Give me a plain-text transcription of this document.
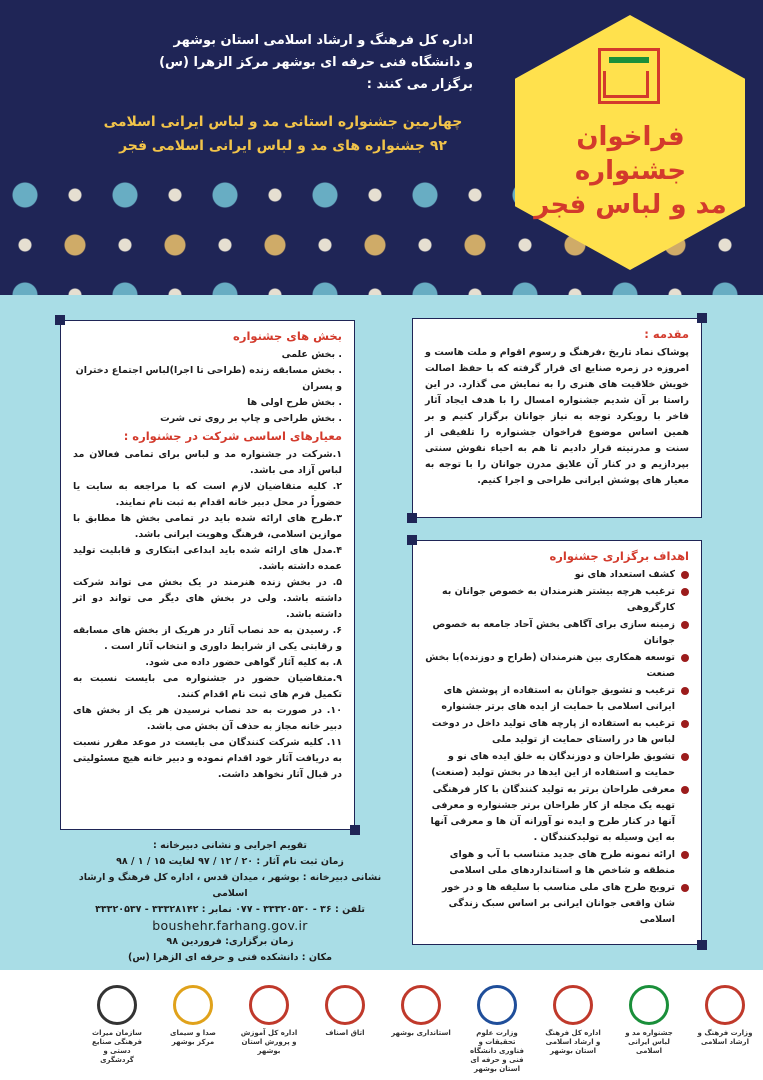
اداره کل فرهنگ و ارشاد اسلامی استان بوشهر
و دانشگاه فنی حرفه ای بوشهر مرکز الزهرا (س)
برگزار می کنند :
چهارمین جشنواره استانی مد و لباس ایرانی اسلامی
۹۲ جشنواره های مد و لباس ایرانی اسلامی فجر	فراخوان جشنواره
مد و لباس فجر
بخش های جشنواره
. بخش علمی
. بخش مسابقه زنده (طراحی تا اجرا)لباس اجتماع دختران و پسران
. بخش طرح اولی ها
. بخش طراحی و چاپ بر روی تی شرت
معیارهای اساسی شرکت در جشنواره :
۱.شرکت در جشنواره مد و لباس برای تمامی فعالان مد لباس آزاد می باشد.
۲. کلیه متقاضیان لازم است که با مراجعه به سایت یا حضوراً در محل دبیر خانه اقدام به ثبت نام نمایند.
۳.طرح های ارائه شده باید در تمامی بخش ها مطابق با موازین اسلامی، فرهنگ وهویت ایرانی باشد.
۴.مدل های ارائه شده باید ابداعی ابتکاری و قابلیت تولید عمده داشته باشد.
۵. در بخش زنده هنرمند در یک بخش می تواند شرکت داشته باشد. ولی در بخش های دیگر می تواند دو اثر داشته باشد.
۶. رسیدن به حد نصاب آثار در هریک از بخش های مسابقه و رقابتی یکی از شرایط داوری و انتخاب آثار است .
۸. به کلیه آثار گواهی حضور داده می شود.
۹.متقاضیان حضور در جشنواره می بایست نسبت به تکمیل فرم های ثبت نام اقدام کنند.
۱۰. در صورت به حد نصاب نرسیدن هر یک از بخش های دبیر خانه مجاز به حذف آن بخش می باشد.
۱۱. کلیه شرکت کنندگان می بایست در موعد مقرر نسبت به دریافت آثار خود اقدام نموده و دبیر خانه هیچ مسئولیتی در قبال آثار نخواهد داشت.
مقدمه :
پوشاک نماد تاریخ ،فرهنگ و رسوم اقوام و ملت هاست و امروزه در زمره صنایع ای قرار گرفته که با حفظ اصالت خویش خلاقیت های هنری را به نمایش می گذارد. در این راستا بر آن شدیم جشنواره امسال را با هدف ایجاد آثار فاخر با رویکرد توجه به نیاز جوانان برگزار کنیم و بر همین اساس موضوع فراخوان جشنواره را تلفیقی از سنت و مدرنیته قرار دادیم تا هم به احیاء نقوش سنتی بپردازیم و در کنار آن علایق مدرن جوانان را با توجه به معیار های پوشش ایرانی طراحی و اجرا کنیم.
اهداف برگزاری جشنواره
کشف استعداد های نو
ترغیب هرچه بیشتر هنرمندان به خصوص جوانان به کارگروهی
زمینه سازی برای آگاهی بخش آحاد جامعه به خصوص جوانان
توسعه همکاری بین هنرمندان (طراح و دوزنده)با بخش صنعت
ترغیب و تشویق جوانان به استفاده از پوشش های ایرانی اسلامی با حمایت از ایده های برتر جشنواره
ترغیب به استفاده از پارچه های تولید داخل در دوخت لباس ها در راستای حمایت از تولید ملی
تشویق طراحان و دوزندگان به خلق ایده های نو و حمایت و استفاده از این ایدها در بخش تولید (صنعت)
معرفی طراحان برتر به تولید کنندگان با کار فرهنگی تهیه یک مجله از کار طراحان برتر جشنواره و معرفی آنها در کنار طرح و ایده نو آورانه آن ها و معرفی آنها به این وسیله به تولیدکنندگان .
ارائه نمونه طرح های جدید متناسب با آب و هوای منطقه و شاخص ها و استانداردهای ملی اسلامی
ترویج طرح های ملی مناسب با سلیقه ها و در خور شان واقعی جوانان ایرانی بر اساس سبک زندگی اسلامی
تقویم اجرایی و نشانی دبیرخانه :
زمان ثبت نام آثار : ۲۰ / ۱۲ / ۹۷ لغایت ۱۵ / ۱ / ۹۸
نشانی دبیرخانه : بوشهر ، میدان قدس ، اداره کل فرهنگ و ارشاد اسلامی
تلفن : ۳۶ - ۳۳۳۲۰۵۳۰ - ۰۷۷ نمابر : ۳۳۳۲۸۱۴۲ - ۳۳۳۲۰۵۳۷
boushehr.farhang.gov.ir
زمان برگزاری: فروردین ۹۸
مکان : دانشکده فنی و حرفه ای الزهرا (س)
سازمان میراث فرهنگی صنایع دستی و گردشگری
صدا و سیمای مرکز بوشهر
اداره کل آموزش و پرورش استان بوشهر
اتاق اصناف	استانداری بوشهر	وزارت علوم تحقیقات و فناوری دانشگاه فنی و حرفه ای استان بوشهر
اداره کل فرهنگ و ارشاد اسلامی استان بوشهر
جشنواره مد و لباس ایرانی اسلامی
وزارت فرهنگ و ارشاد اسلامی
